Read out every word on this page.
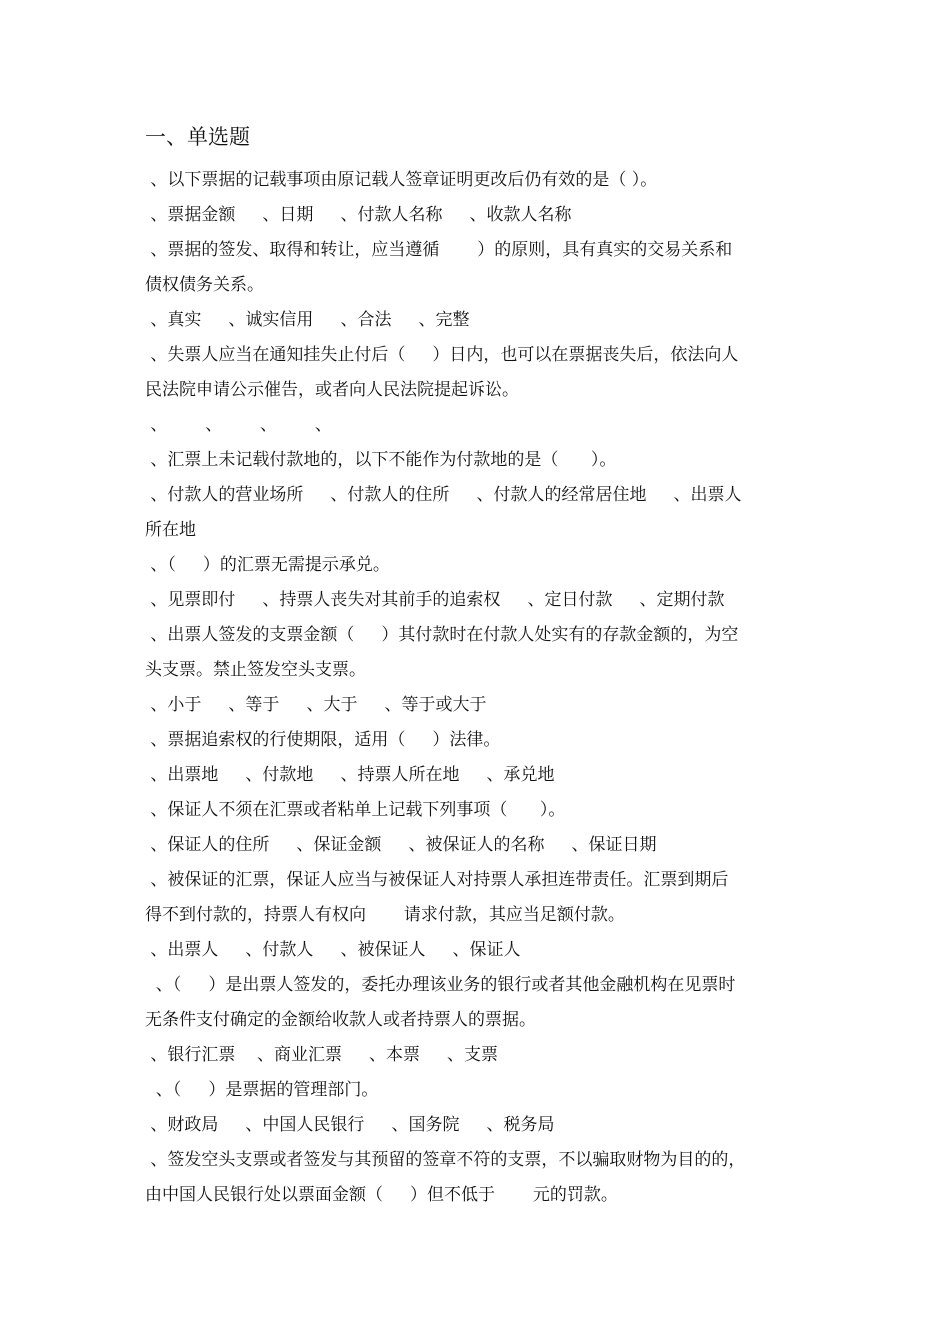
一、单选题
、以下票据的记载事项由原记载人签章证明更改后仍有效的是（ ）。
、票据金额     、日期     、付款人名称     、收款人名称
、票据的签发、取得和转让，应当遵循       ）的原则，具有真实的交易关系和
债权债务关系。
、真实     、诚实信用     、合法     、完整
、失票人应当在通知挂失止付后（     ）日内，也可以在票据丧失后，依法向人
民法院申请公示催告，或者向人民法院提起诉讼。
、       、       、       、
、汇票上未记载付款地的，以下不能作为付款地的是（      ）。
、付款人的营业场所     、付款人的住所     、付款人的经常居住地     、出票人
所在地
、（     ）的汇票无需提示承兑。
、见票即付     、持票人丧失对其前手的追索权     、定日付款     、定期付款
、出票人签发的支票金额（     ）其付款时在付款人处实有的存款金额的，为空
头支票。禁止签发空头支票。
、小于     、等于     、大于     、等于或大于
、票据追索权的行使期限，适用（     ）法律。
、出票地     、付款地     、持票人所在地     、承兑地
、保证人不须在汇票或者粘单上记载下列事项（      ）。
、保证人的住所     、保证金额     、被保证人的名称     、保证日期
、被保证的汇票，保证人应当与被保证人对持票人承担连带责任。汇票到期后
得不到付款的，持票人有权向       请求付款，其应当足额付款。
、出票人     、付款人     、被保证人     、保证人
、（     ）是出票人签发的，委托办理该业务的银行或者其他金融机构在见票时
无条件支付确定的金额给收款人或者持票人的票据。
、银行汇票    、商业汇票     、本票     、支票
、（     ）是票据的管理部门。
、财政局     、中国人民银行     、国务院     、税务局
、签发空头支票或者签发与其预留的签章不符的支票，不以骗取财物为目的的，
由中国人民银行处以票面金额（     ）但不低于       元的罚款。
